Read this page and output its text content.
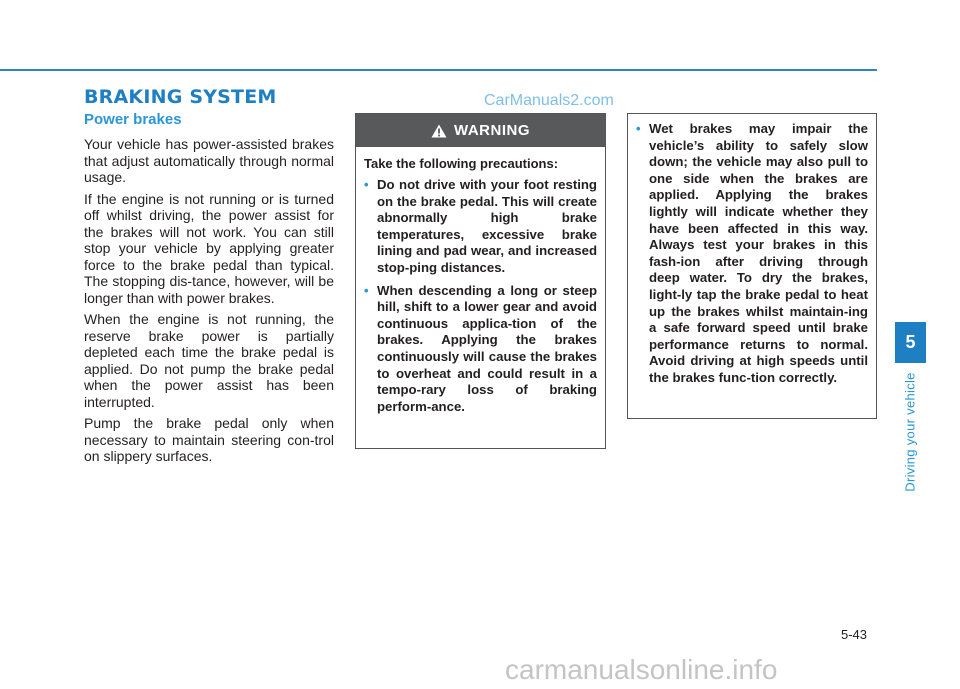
BRAKING SYSTEM	CarManuals2.com
Power brakes

Your vehicle has power-assisted brakes that adjust automatically through normal usage.

If the engine is not running or is turned off whilst driving, the power assist for the brakes will not work. You can still stop your vehicle by applying greater force to the brake pedal than typical. The stopping dis-tance, however, will be longer than with power brakes.

When the engine is not running, the reserve brake power is partially depleted each time the brake pedal is applied. Do not pump the brake pedal when the power assist has been interrupted.

Pump the brake pedal only when necessary to maintain steering con-trol on slippery surfaces.

WARNING
Take the following precautions:
• Do not drive with your foot resting on the brake pedal. This will create abnormally high brake temperatures, excessive brake lining and pad wear, and increased stop-ping distances.
• When descending a long or steep hill, shift to a lower gear and avoid continuous applica-tion of the brakes. Applying the brakes continuously will cause the brakes to overheat and could result in a tempo-rary loss of braking perform-ance.
• Wet brakes may impair the vehicle’s ability to safely slow down; the vehicle may also pull to one side when the brakes are applied. Applying the brakes lightly will indicate whether they have been affected in this way. Always test your brakes in this fash-ion after driving through deep water. To dry the brakes, light-ly tap the brake pedal to heat up the brakes whilst maintain-ing a safe forward speed until brake performance returns to normal. Avoid driving at high speeds until the brakes func-tion correctly.
5
Driving your vehicle
5-43
carmanualsonline.info
